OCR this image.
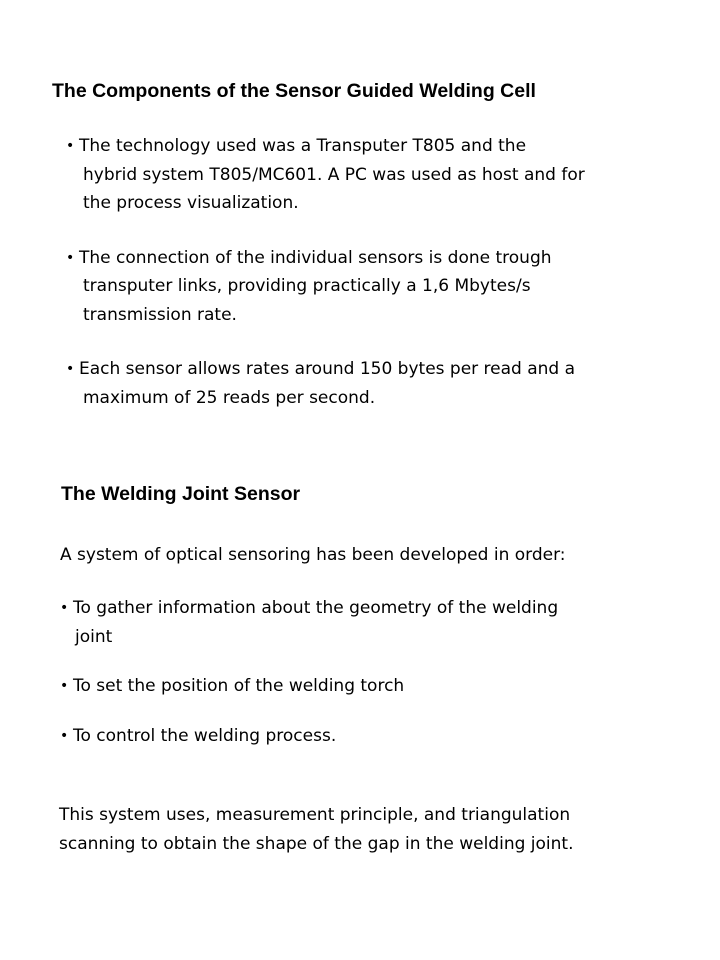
The Components of the Sensor Guided Welding Cell
• The technology used was a Transputer T805 and the
hybrid system T805/MC601. A PC was used as host and for
the process visualization.
• The connection of the individual sensors is done trough
transputer links, providing practically a 1,6 Mbytes/s
transmission rate.
• Each sensor allows rates around 150 bytes per read and a
maximum of 25 reads per second.
The Welding Joint Sensor

A system of optical sensoring has been developed in order:

• To gather information about the geometry of the welding
joint
• To set the position of the welding torch
• To control the welding process.

This system uses, measurement principle, and triangulation
scanning to obtain the shape of the gap in the welding joint.
